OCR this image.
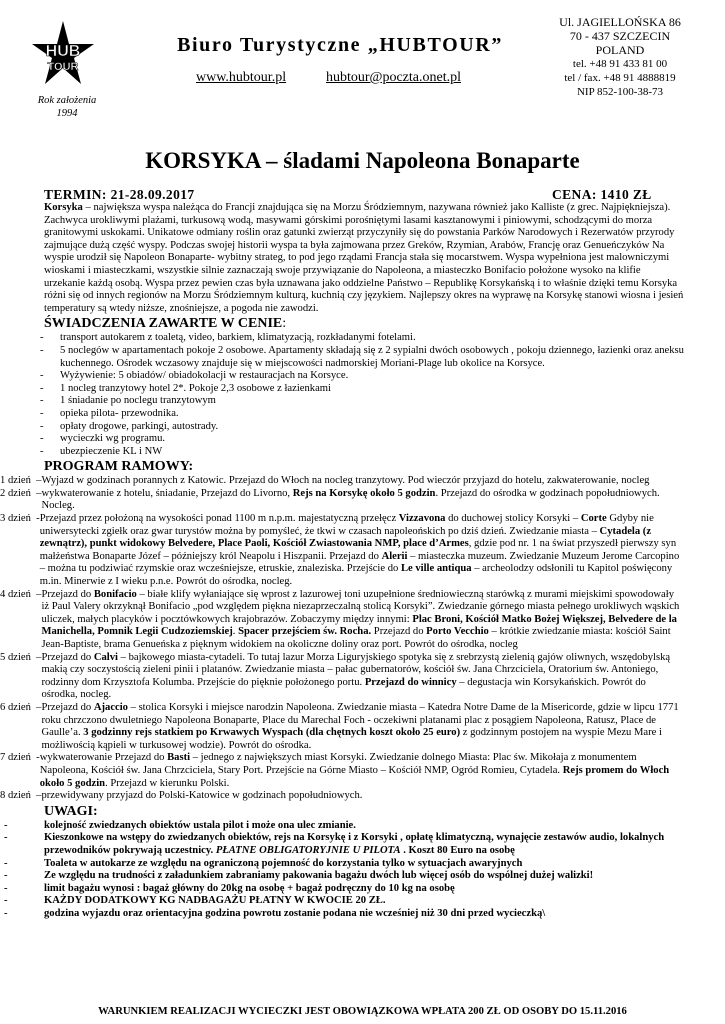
HUB
TOUR
Rok założenia
1994
Biuro Turystyczne „HUBTOUR”
www.hubtour.pl	hubtour@poczta.onet.pl
Ul. JAGIELLOŃSKA 86
70 - 437 SZCZECIN
POLAND
tel. +48 91 433 81 00
tel / fax. +48 91 4888819
NIP 852-100-38-73
KORSYKA – śladami Napoleona Bonaparte
TERMIN: 21-28.09.2017	CENA: 1410 ZŁ

Korsyka – największa wyspa należąca do Francji znajdująca się na Morzu Śródziemnym, nazywana również jako Kalliste (z grec. Najpiękniejsza). Zachwyca urokliwymi plażami, turkusową wodą, masywami górskimi porośniętymi lasami kasztanowymi i piniowymi, schodzącymi do morza granitowymi uskokami. Unikatowe odmiany roślin oraz gatunki zwierząt przyczyniły się do powstania Parków Narodowych i Rezerwatów przyrody zajmujące dużą część wyspy. Podczas swojej historii wyspa ta była zajmowana przez Greków, Rzymian, Arabów, Francję oraz Genueńczyków Na wyspie urodził się Napoleon Bonaparte- wybitny strateg, to pod jego rządami Francja stała się mocarstwem. Wyspa wypełniona jest malowniczymi wioskami i miasteczkami, wszystkie silnie zaznaczają swoje przywiązanie do Napoleona, a miasteczko Bonifacio położone wysoko na klifie urzekanie każdą osobą. Wyspa przez pewien czas była uznawana jako oddzielne Państwo – Republikę Korsykańską i to właśnie dzięki temu Korsyka różni się od innych regionów na Morzu Śródziemnym kulturą, kuchnią czy językiem. Najlepszy okres na wyprawę na Korsykę stanowi wiosna i jesień temperatury są wtedy niższe, znośniejsze, a pogoda nie zawodzi.

ŚWIADCZENIA ZAWARTE W CENIE:
- transport autokarem z toaletą, video, barkiem, klimatyzacją, rozkładanymi fotelami.
- 5 noclegów w apartamentach pokoje 2 osobowe. Apartamenty składają się z 2 sypialni dwóch osobowych , pokoju dziennego, łazienki oraz aneksu kuchennego. Ośrodek wczasowy znajduje się w miejscowości nadmorskiej Moriani-Plage lub okolice na Korsyce.
- Wyżywienie: 5 obiadów/ obiadokolacji w restauracjach na Korsyce.
- 1 nocleg tranzytowy hotel 2*. Pokoje 2,3 osobowe z łazienkami
- 1 śniadanie po noclegu tranzytowym
- opieka pilota- przewodnika.
- opłaty drogowe, parkingi, autostrady.
- wycieczki wg programu.
- ubezpieczenie KL i NW
PROGRAM RAMOWY:
1 dzień  – Wyjazd w godzinach porannych z Katowic. Przejazd do Włoch na nocleg tranzytowy. Pod wieczór przyjazd do hotelu, zakwaterowanie, nocleg
2 dzień  – wykwaterowanie z hotelu, śniadanie, Przejazd do Livorno, Rejs na Korsykę około 5 godzin. Przejazd do ośrodka w godzinach popołudniowych. Nocleg.
3 dzień  - Przejazd przez położoną na wysokości ponad 1100 m n.p.m. majestatyczną przełęcz Vizzavona do duchowej stolicy Korsyki – Corte Gdyby nie uniwersytecki zgiełk oraz gwar turystów można by pomyśleć, że tkwi w czasach napoleońskich po dziś dzień. Zwiedzanie miasta – Cytadela (z zewnątrz), punkt widokowy Belvedere, Place Paoli, Kościół Zwiastowania NMP, place d’Armes, gdzie pod nr. 1 na świat przyszedł pierwszy syn małżeństwa Bonaparte Józef – późniejszy król Neapolu i Hiszpanii. Przejazd do Alerii – miasteczka muzeum. Zwiedzanie Muzeum Jerome Carcopino – można tu podziwiać rzymskie oraz wcześniejsze, etruskie, znaleziska. Przejście do Le ville antiqua – archeolodzy odsłonili tu Kapitol poświęcony m.in. Minerwie z I wieku p.n.e. Powrót do ośrodka, nocleg.
4 dzień  – Przejazd do Bonifacio – białe klify wyłaniające się wprost z lazurowej toni uzupełnione średniowieczną starówką z murami miejskimi spowodowały iż Paul Valery okrzyknął Bonifacio „pod względem piękna niezaprzeczalną stolicą Korsyki”. Zwiedzanie górnego miasta pełnego urokliwych wąskich uliczek, małych placyków i pocztówkowych krajobrazów. Zobaczymy między innymi: Plac Broni, Kościół Matko Bożej Większej, Belvedere de la Manichella, Pomnik Legii Cudzoziemskiej. Spacer przejściem św. Rocha. Przejazd do Porto Vecchio – krótkie zwiedzanie miasta: kościół Saint Jean-Baptiste, brama Genueńska z pięknym widokiem na okoliczne doliny oraz port. Powrót do ośrodka, nocleg
5 dzień  – Przejazd do Calvi – bajkowego miasta-cytadeli. To tutaj lazur Morza Liguryjskiego spotyka się z srebrzystą zielenią gajów oliwnych, wszędobylską makią czy soczystością zieleni pinii i platanów. Zwiedzanie miasta – pałac gubernatorów, kościół św. Jana Chrzciciela, Oratorium św. Antoniego, rodzinny dom Krzysztofa Kolumba. Przejście do pięknie położonego portu. Przejazd do winnicy – degustacja win Korsykańskich. Powrót do ośrodka, nocleg.
6 dzień  – Przejazd do Ajaccio – stolica Korsyki i miejsce narodzin Napoleona. Zwiedzanie miasta – Katedra Notre Dame de la Misericorde, gdzie w lipcu 1771 roku chrzczono dwuletniego Napoleona Bonaparte, Place du Marechal Foch - oczekiwni platanami plac z posągiem Napoleona, Ratusz, Place de Gaulle’a. 3 godzinny rejs statkiem po Krwawych Wyspach (dla chętnych koszt około 25 euro) z godzinnym postojem na wyspie Mezu Mare i możliwością kąpieli w turkusowej wodzie). Powrót do ośrodka.
7 dzień  - wykwaterowanie Przejazd do Basti – jednego z największych miast Korsyki. Zwiedzanie dolnego Miasta: Plac św. Mikołaja z monumentem Napoleona, Kościół św. Jana Chrzciciela, Stary Port. Przejście na Górne Miasto – Kościół NMP, Ogród Romieu, Cytadela. Rejs promem do Włoch około 5 godzin. Przejazd w kierunku Polski.
8 dzień  – przewidywany przyjazd do Polski-Katowice w godzinach popołudniowych.
UWAGI:
- kolejność zwiedzanych obiektów ustala pilot i może ona ulec zmianie.
- Kieszonkowe na wstępy do zwiedzanych obiektów, rejs na Korsykę i z Korsyki , opłatę klimatyczną, wynajęcie zestawów audio, lokalnych przewodników pokrywają uczestnicy. PŁATNE OBLIGATORYJNIE U PILOTA . Koszt 80 Euro na osobę
- Toaleta w autokarze ze względu na ograniczoną pojemność do korzystania tylko w sytuacjach awaryjnych
- Ze względu na trudności z załadunkiem zabraniamy pakowania bagażu dwóch lub więcej osób do wspólnej dużej walizki!
- limit bagażu wynosi : bagaż główny do 20kg na osobę + bagaż podręczny do 10 kg na osobę
- KAŻDY DODATKOWY KG NADBAGAŻU PŁATNY W KWOCIE 20 ZŁ.
- godzina wyjazdu oraz orientacyjna godzina powrotu zostanie podana nie wcześniej niż 30 dni przed wycieczką\
WARUNKIEM REALIZACJI WYCIECZKI JEST OBOWIĄZKOWA WPŁATA 200 ZŁ OD OSOBY DO 15.11.2016
